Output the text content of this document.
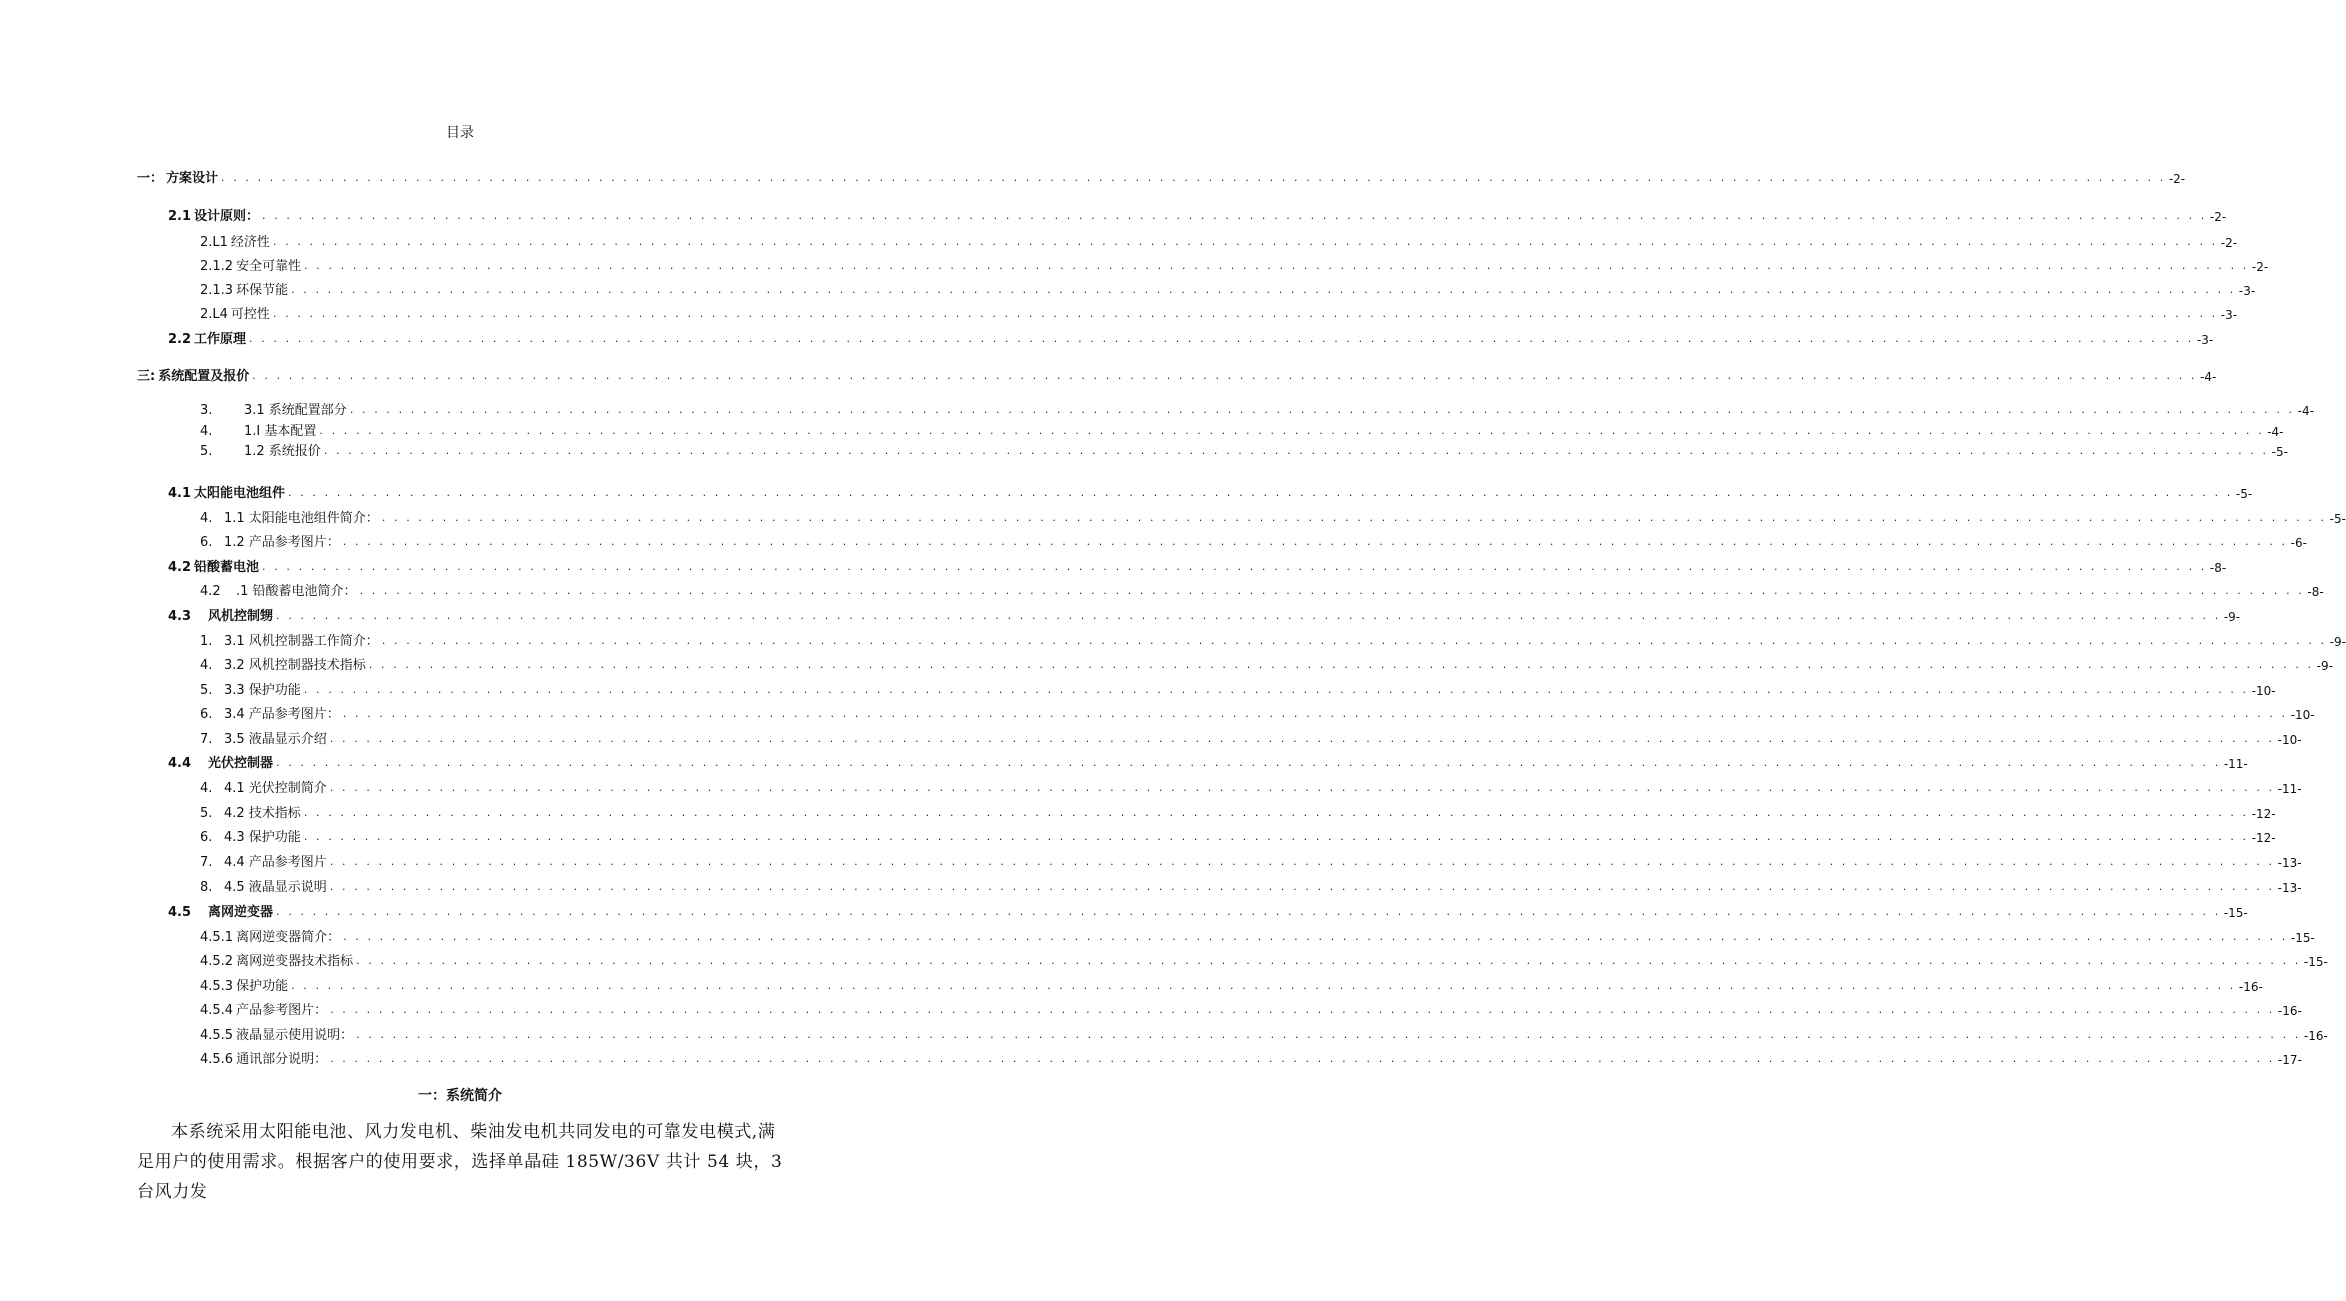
目录
一： 方案设计 . . . . . . . . . . . . . . . . . . . . . . . . . . . . . . . . . . . . . . . . . . . . . . . . . . . . . . . . . . . . . . . . . . . . . . . . . . . . . . . . . . . . . . . . . . . . . . . . . . . . . . . . . . . . . . . . . . . . . . . . . . . . . . . . . . . . . . . . . . . . . . . . . . . . . . . . . . . . . . . . -2-
2.1 设计原则： . . . . . . . . . . . . . . . . . . . . . . . . . . . . . . . . . . . . . . . . . . . . . . . . . . . . . . . . . . . . . . . . . . . . . . . . . . . . . . . . . . . . . . . . . . . . . . . . . . . . . . . . . . . . . . . . . . . . . . . . . . . . . . . . . . . . . . . . . . . . . . . . . . . . . . . . . . . . . . . . -2-
2.L1 经济性 . . . . . . . . . . . . . . . . . . . . . . . . . . . . . . . . . . . . . . . . . . . . . . . . . . . . . . . . . . . . . . . . . . . . . . . . . . . . . . . . . . . . . . . . . . . . . . . . . . . . . . . . . . . . . . . . . . . . . . . . . . . . . . . . . . . . . . . . . . . . . . . . . . . . . . . . . . . . . . . . -2-
2.1.2 安全可靠性 . . . . . . . . . . . . . . . . . . . . . . . . . . . . . . . . . . . . . . . . . . . . . . . . . . . . . . . . . . . . . . . . . . . . . . . . . . . . . . . . . . . . . . . . . . . . . . . . . . . . . . . . . . . . . . . . . . . . . . . . . . . . . . . . . . . . . . . . . . . . . . . . . . . . . . . . . . . . . . . . -2-
2.1.3 环保节能 . . . . . . . . . . . . . . . . . . . . . . . . . . . . . . . . . . . . . . . . . . . . . . . . . . . . . . . . . . . . . . . . . . . . . . . . . . . . . . . . . . . . . . . . . . . . . . . . . . . . . . . . . . . . . . . . . . . . . . . . . . . . . . . . . . . . . . . . . . . . . . . . . . . . . . . . . . . . . . . . -3-
2.L4 可控性 . . . . . . . . . . . . . . . . . . . . . . . . . . . . . . . . . . . . . . . . . . . . . . . . . . . . . . . . . . . . . . . . . . . . . . . . . . . . . . . . . . . . . . . . . . . . . . . . . . . . . . . . . . . . . . . . . . . . . . . . . . . . . . . . . . . . . . . . . . . . . . . . . . . . . . . . . . . . . . . . -3-
2.2 工作原理 . . . . . . . . . . . . . . . . . . . . . . . . . . . . . . . . . . . . . . . . . . . . . . . . . . . . . . . . . . . . . . . . . . . . . . . . . . . . . . . . . . . . . . . . . . . . . . . . . . . . . . . . . . . . . . . . . . . . . . . . . . . . . . . . . . . . . . . . . . . . . . . . . . . . . . . . . . . . . . . . -3-
三: 系统配置及报价 . . . . . . . . . . . . . . . . . . . . . . . . . . . . . . . . . . . . . . . . . . . . . . . . . . . . . . . . . . . . . . . . . . . . . . . . . . . . . . . . . . . . . . . . . . . . . . . . . . . . . . . . . . . . . . . . . . . . . . . . . . . . . . . . . . . . . . . . . . . . . . . . . . . . . . . . . . . . . . . . -4-
3.	3.1 系统配置部分 . . . . . . . . . . . . . . . . . . . . . . . . . . . . . . . . . . . . . . . . . . . . . . . . . . . . . . . . . . . . . . . . . . . . . . . . . . . . . . . . . . . . . . . . . . . . . . . . . . . . . . . . . . . . . . . . . . . . . . . . . . . . . . . . . . . . . . . . . . . . . . . . . . . . . . . . . . . . . . . . -4-
4.	1.I 基本配置 . . . . . . . . . . . . . . . . . . . . . . . . . . . . . . . . . . . . . . . . . . . . . . . . . . . . . . . . . . . . . . . . . . . . . . . . . . . . . . . . . . . . . . . . . . . . . . . . . . . . . . . . . . . . . . . . . . . . . . . . . . . . . . . . . . . . . . . . . . . . . . . . . . . . . . . . . . . . . . . . -4-
5.	1.2 系统报价 . . . . . . . . . . . . . . . . . . . . . . . . . . . . . . . . . . . . . . . . . . . . . . . . . . . . . . . . . . . . . . . . . . . . . . . . . . . . . . . . . . . . . . . . . . . . . . . . . . . . . . . . . . . . . . . . . . . . . . . . . . . . . . . . . . . . . . . . . . . . . . . . . . . . . . . . . . . . . . . . -5-
4.1 太阳能电池组件 . . . . . . . . . . . . . . . . . . . . . . . . . . . . . . . . . . . . . . . . . . . . . . . . . . . . . . . . . . . . . . . . . . . . . . . . . . . . . . . . . . . . . . . . . . . . . . . . . . . . . . . . . . . . . . . . . . . . . . . . . . . . . . . . . . . . . . . . . . . . . . . . . . . . . . . . . . . . . . . . -5-
4. 1.1 太阳能电池组件简介： . . . . . . . . . . . . . . . . . . . . . . . . . . . . . . . . . . . . . . . . . . . . . . . . . . . . . . . . . . . . . . . . . . . . . . . . . . . . . . . . . . . . . . . . . . . . . . . . . . . . . . . . . . . . . . . . . . . . . . . . . . . . . . . . . . . . . . . . . . . . . . . . . . . . . . . . . . . . . . . . -5-
6. 1.2 产品参考图片： . . . . . . . . . . . . . . . . . . . . . . . . . . . . . . . . . . . . . . . . . . . . . . . . . . . . . . . . . . . . . . . . . . . . . . . . . . . . . . . . . . . . . . . . . . . . . . . . . . . . . . . . . . . . . . . . . . . . . . . . . . . . . . . . . . . . . . . . . . . . . . . . . . . . . . . . . . . . . . . . -6-
4.2 铅酸蓄电池 . . . . . . . . . . . . . . . . . . . . . . . . . . . . . . . . . . . . . . . . . . . . . . . . . . . . . . . . . . . . . . . . . . . . . . . . . . . . . . . . . . . . . . . . . . . . . . . . . . . . . . . . . . . . . . . . . . . . . . . . . . . . . . . . . . . . . . . . . . . . . . . . . . . . . . . . . . . . . . . . -8-
4.2	.1 铅酸蓄电池简介： . . . . . . . . . . . . . . . . . . . . . . . . . . . . . . . . . . . . . . . . . . . . . . . . . . . . . . . . . . . . . . . . . . . . . . . . . . . . . . . . . . . . . . . . . . . . . . . . . . . . . . . . . . . . . . . . . . . . . . . . . . . . . . . . . . . . . . . . . . . . . . . . . . . . . . . . . . . . . . . . -8-
4.3	风机控制甥 . . . . . . . . . . . . . . . . . . . . . . . . . . . . . . . . . . . . . . . . . . . . . . . . . . . . . . . . . . . . . . . . . . . . . . . . . . . . . . . . . . . . . . . . . . . . . . . . . . . . . . . . . . . . . . . . . . . . . . . . . . . . . . . . . . . . . . . . . . . . . . . . . . . . . . . . . . . . . . . . -9-
1. 3.1 风机控制器工作简介： . . . . . . . . . . . . . . . . . . . . . . . . . . . . . . . . . . . . . . . . . . . . . . . . . . . . . . . . . . . . . . . . . . . . . . . . . . . . . . . . . . . . . . . . . . . . . . . . . . . . . . . . . . . . . . . . . . . . . . . . . . . . . . . . . . . . . . . . . . . . . . . . . . . . . . . . . . . . . . . . -9-
4. 3.2 风机控制器技术指标 . . . . . . . . . . . . . . . . . . . . . . . . . . . . . . . . . . . . . . . . . . . . . . . . . . . . . . . . . . . . . . . . . . . . . . . . . . . . . . . . . . . . . . . . . . . . . . . . . . . . . . . . . . . . . . . . . . . . . . . . . . . . . . . . . . . . . . . . . . . . . . . . . . . . . . . . . . . . . . . . -9-
5. 3.3 保护功能 . . . . . . . . . . . . . . . . . . . . . . . . . . . . . . . . . . . . . . . . . . . . . . . . . . . . . . . . . . . . . . . . . . . . . . . . . . . . . . . . . . . . . . . . . . . . . . . . . . . . . . . . . . . . . . . . . . . . . . . . . . . . . . . . . . . . . . . . . . . . . . . . . . . . . . . . . . . . . . . . -10-
6. 3.4 产品参考图片： . . . . . . . . . . . . . . . . . . . . . . . . . . . . . . . . . . . . . . . . . . . . . . . . . . . . . . . . . . . . . . . . . . . . . . . . . . . . . . . . . . . . . . . . . . . . . . . . . . . . . . . . . . . . . . . . . . . . . . . . . . . . . . . . . . . . . . . . . . . . . . . . . . . . . . . . . . . . . . . . -10-
7. 3.5 液晶显示介绍 . . . . . . . . . . . . . . . . . . . . . . . . . . . . . . . . . . . . . . . . . . . . . . . . . . . . . . . . . . . . . . . . . . . . . . . . . . . . . . . . . . . . . . . . . . . . . . . . . . . . . . . . . . . . . . . . . . . . . . . . . . . . . . . . . . . . . . . . . . . . . . . . . . . . . . . . . . . . . . . . -10-
4.4	光伏控制器 . . . . . . . . . . . . . . . . . . . . . . . . . . . . . . . . . . . . . . . . . . . . . . . . . . . . . . . . . . . . . . . . . . . . . . . . . . . . . . . . . . . . . . . . . . . . . . . . . . . . . . . . . . . . . . . . . . . . . . . . . . . . . . . . . . . . . . . . . . . . . . . . . . . . . . . . . . . . . . . . -11-
4. 4.1 光伏控制简介 . . . . . . . . . . . . . . . . . . . . . . . . . . . . . . . . . . . . . . . . . . . . . . . . . . . . . . . . . . . . . . . . . . . . . . . . . . . . . . . . . . . . . . . . . . . . . . . . . . . . . . . . . . . . . . . . . . . . . . . . . . . . . . . . . . . . . . . . . . . . . . . . . . . . . . . . . . . . . . . . -11-
5. 4.2 技术指标 . . . . . . . . . . . . . . . . . . . . . . . . . . . . . . . . . . . . . . . . . . . . . . . . . . . . . . . . . . . . . . . . . . . . . . . . . . . . . . . . . . . . . . . . . . . . . . . . . . . . . . . . . . . . . . . . . . . . . . . . . . . . . . . . . . . . . . . . . . . . . . . . . . . . . . . . . . . . . . . . -12-
6. 4.3 保护功能 . . . . . . . . . . . . . . . . . . . . . . . . . . . . . . . . . . . . . . . . . . . . . . . . . . . . . . . . . . . . . . . . . . . . . . . . . . . . . . . . . . . . . . . . . . . . . . . . . . . . . . . . . . . . . . . . . . . . . . . . . . . . . . . . . . . . . . . . . . . . . . . . . . . . . . . . . . . . . . . . -12-
7. 4.4 产品参考图片 . . . . . . . . . . . . . . . . . . . . . . . . . . . . . . . . . . . . . . . . . . . . . . . . . . . . . . . . . . . . . . . . . . . . . . . . . . . . . . . . . . . . . . . . . . . . . . . . . . . . . . . . . . . . . . . . . . . . . . . . . . . . . . . . . . . . . . . . . . . . . . . . . . . . . . . . . . . . . . . . -13-
8. 4.5 液晶显示说明 . . . . . . . . . . . . . . . . . . . . . . . . . . . . . . . . . . . . . . . . . . . . . . . . . . . . . . . . . . . . . . . . . . . . . . . . . . . . . . . . . . . . . . . . . . . . . . . . . . . . . . . . . . . . . . . . . . . . . . . . . . . . . . . . . . . . . . . . . . . . . . . . . . . . . . . . . . . . . . . . -13-
4.5	离网逆变器 . . . . . . . . . . . . . . . . . . . . . . . . . . . . . . . . . . . . . . . . . . . . . . . . . . . . . . . . . . . . . . . . . . . . . . . . . . . . . . . . . . . . . . . . . . . . . . . . . . . . . . . . . . . . . . . . . . . . . . . . . . . . . . . . . . . . . . . . . . . . . . . . . . . . . . . . . . . . . . . . -15-
4.5.1 离网逆变器简介： . . . . . . . . . . . . . . . . . . . . . . . . . . . . . . . . . . . . . . . . . . . . . . . . . . . . . . . . . . . . . . . . . . . . . . . . . . . . . . . . . . . . . . . . . . . . . . . . . . . . . . . . . . . . . . . . . . . . . . . . . . . . . . . . . . . . . . . . . . . . . . . . . . . . . . . . . . . . . . . . -15-
4.5.2 离网逆变器技术指标 . . . . . . . . . . . . . . . . . . . . . . . . . . . . . . . . . . . . . . . . . . . . . . . . . . . . . . . . . . . . . . . . . . . . . . . . . . . . . . . . . . . . . . . . . . . . . . . . . . . . . . . . . . . . . . . . . . . . . . . . . . . . . . . . . . . . . . . . . . . . . . . . . . . . . . . . . . . . . . . . -15-
4.5.3 保护功能 . . . . . . . . . . . . . . . . . . . . . . . . . . . . . . . . . . . . . . . . . . . . . . . . . . . . . . . . . . . . . . . . . . . . . . . . . . . . . . . . . . . . . . . . . . . . . . . . . . . . . . . . . . . . . . . . . . . . . . . . . . . . . . . . . . . . . . . . . . . . . . . . . . . . . . . . . . . . . . . . -16-
4.5.4 产品参考图片： . . . . . . . . . . . . . . . . . . . . . . . . . . . . . . . . . . . . . . . . . . . . . . . . . . . . . . . . . . . . . . . . . . . . . . . . . . . . . . . . . . . . . . . . . . . . . . . . . . . . . . . . . . . . . . . . . . . . . . . . . . . . . . . . . . . . . . . . . . . . . . . . . . . . . . . . . . . . . . . . -16-
4.5.5 液晶显示使用说明： . . . . . . . . . . . . . . . . . . . . . . . . . . . . . . . . . . . . . . . . . . . . . . . . . . . . . . . . . . . . . . . . . . . . . . . . . . . . . . . . . . . . . . . . . . . . . . . . . . . . . . . . . . . . . . . . . . . . . . . . . . . . . . . . . . . . . . . . . . . . . . . . . . . . . . . . . . . . . . . . -16-
4.5.6 通讯部分说明： . . . . . . . . . . . . . . . . . . . . . . . . . . . . . . . . . . . . . . . . . . . . . . . . . . . . . . . . . . . . . . . . . . . . . . . . . . . . . . . . . . . . . . . . . . . . . . . . . . . . . . . . . . . . . . . . . . . . . . . . . . . . . . . . . . . . . . . . . . . . . . . . . . . . . . . . . . . . . . . . -17-
一：系统简介
本系统采用太阳能电池、风力发电机、柴油发电机共同发电的可靠发电模式,满足用户的使用需求。根据客户的使用要求，选择单晶硅 185W/36V 共计 54 块，3 台风力发
